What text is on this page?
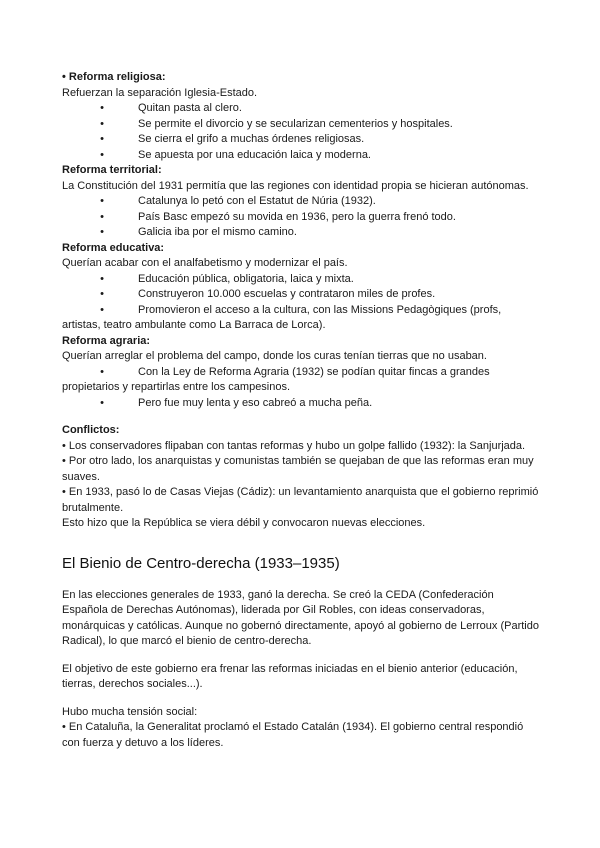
• Reforma religiosa:
Refuerzan la separación Iglesia-Estado.
•	Quitan pasta al clero.
•	Se permite el divorcio y se secularizan cementerios y hospitales.
•	Se cierra el grifo a muchas órdenes religiosas.
•	Se apuesta por una educación laica y moderna.
Reforma territorial:
La Constitución del 1931 permitía que las regiones con identidad propia se hicieran autónomas.
•	Catalunya lo petó con el Estatut de Núria (1932).
•	País Basc empezó su movida en 1936, pero la guerra frenó todo.
•	Galicia iba por el mismo camino.
Reforma educativa:
Querían acabar con el analfabetismo y modernizar el país.
•	Educación pública, obligatoria, laica y mixta.
•	Construyeron 10.000 escuelas y contrataron miles de profes.
•	Promovieron el acceso a la cultura, con las Missions Pedagògiques (profs,
artistas, teatro ambulante como La Barraca de Lorca).
Reforma agraria:
Querían arreglar el problema del campo, donde los curas tenían tierras que no usaban.
•	Con la Ley de Reforma Agraria (1932) se podían quitar fincas a grandes
propietarios y repartirlas entre los campesinos.
•	Pero fue muy lenta y eso cabreó a mucha peña.
Conflictos:
• Los conservadores flipaban con tantas reformas y hubo un golpe fallido (1932): la Sanjurjada.
• Por otro lado, los anarquistas y comunistas también se quejaban de que las reformas eran muy suaves.
• En 1933, pasó lo de Casas Viejas (Cádiz): un levantamiento anarquista que el gobierno reprimió brutalmente.
Esto hizo que la República se viera débil y convocaron nuevas elecciones.
El Bienio de Centro-derecha (1933–1935)
En las elecciones generales de 1933, ganó la derecha. Se creó la CEDA (Confederación Española de Derechas Autónomas), liderada por Gil Robles, con ideas conservadoras, monárquicas y católicas. Aunque no gobernó directamente, apoyó al gobierno de Lerroux (Partido Radical), lo que marcó el bienio de centro-derecha.
El objetivo de este gobierno era frenar las reformas iniciadas en el bienio anterior (educación, tierras, derechos sociales...).
Hubo mucha tensión social:
• En Cataluña, la Generalitat proclamó el Estado Catalán (1934). El gobierno central respondió con fuerza y detuvo a los líderes.
